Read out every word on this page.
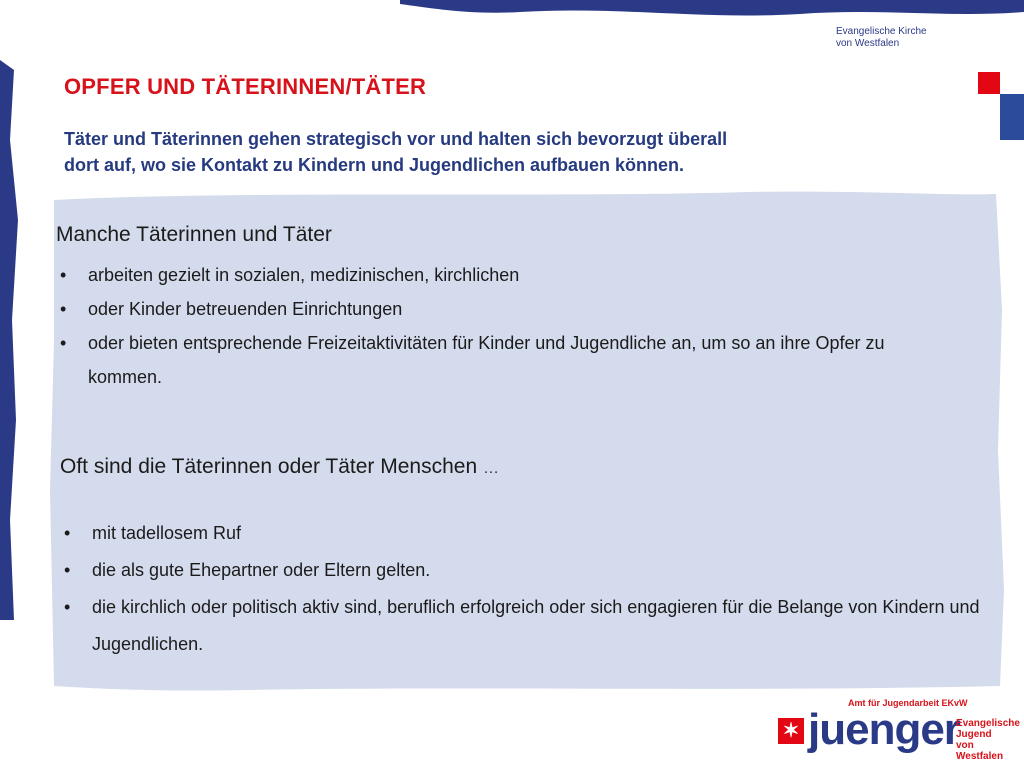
Evangelische Kirche
von Westfalen
OPFER UND TÄTERINNEN/TÄTER
Täter und Täterinnen gehen strategisch vor und halten sich bevorzugt überall
dort auf, wo sie Kontakt zu Kindern und Jugendlichen aufbauen können.
Manche Täterinnen und Täter
• arbeiten gezielt in sozialen, medizinischen, kirchlichen
• oder Kinder betreuenden Einrichtungen
• oder bieten entsprechende Freizeitaktivitäten für Kinder und Jugendliche an, um so an ihre Opfer zu kommen.
Oft sind die Täterinnen oder Täter Menschen …
• mit tadellosem Ruf
• die als gute Ehepartner oder Eltern gelten.
• die kirchlich oder politisch aktiv sind, beruflich erfolgreich oder sich engagieren für die Belange von Kindern und Jugendlichen.
Amt für Jugendarbeit EKvW
✶ juenger
Evangelische
Jugend
von Westfalen
